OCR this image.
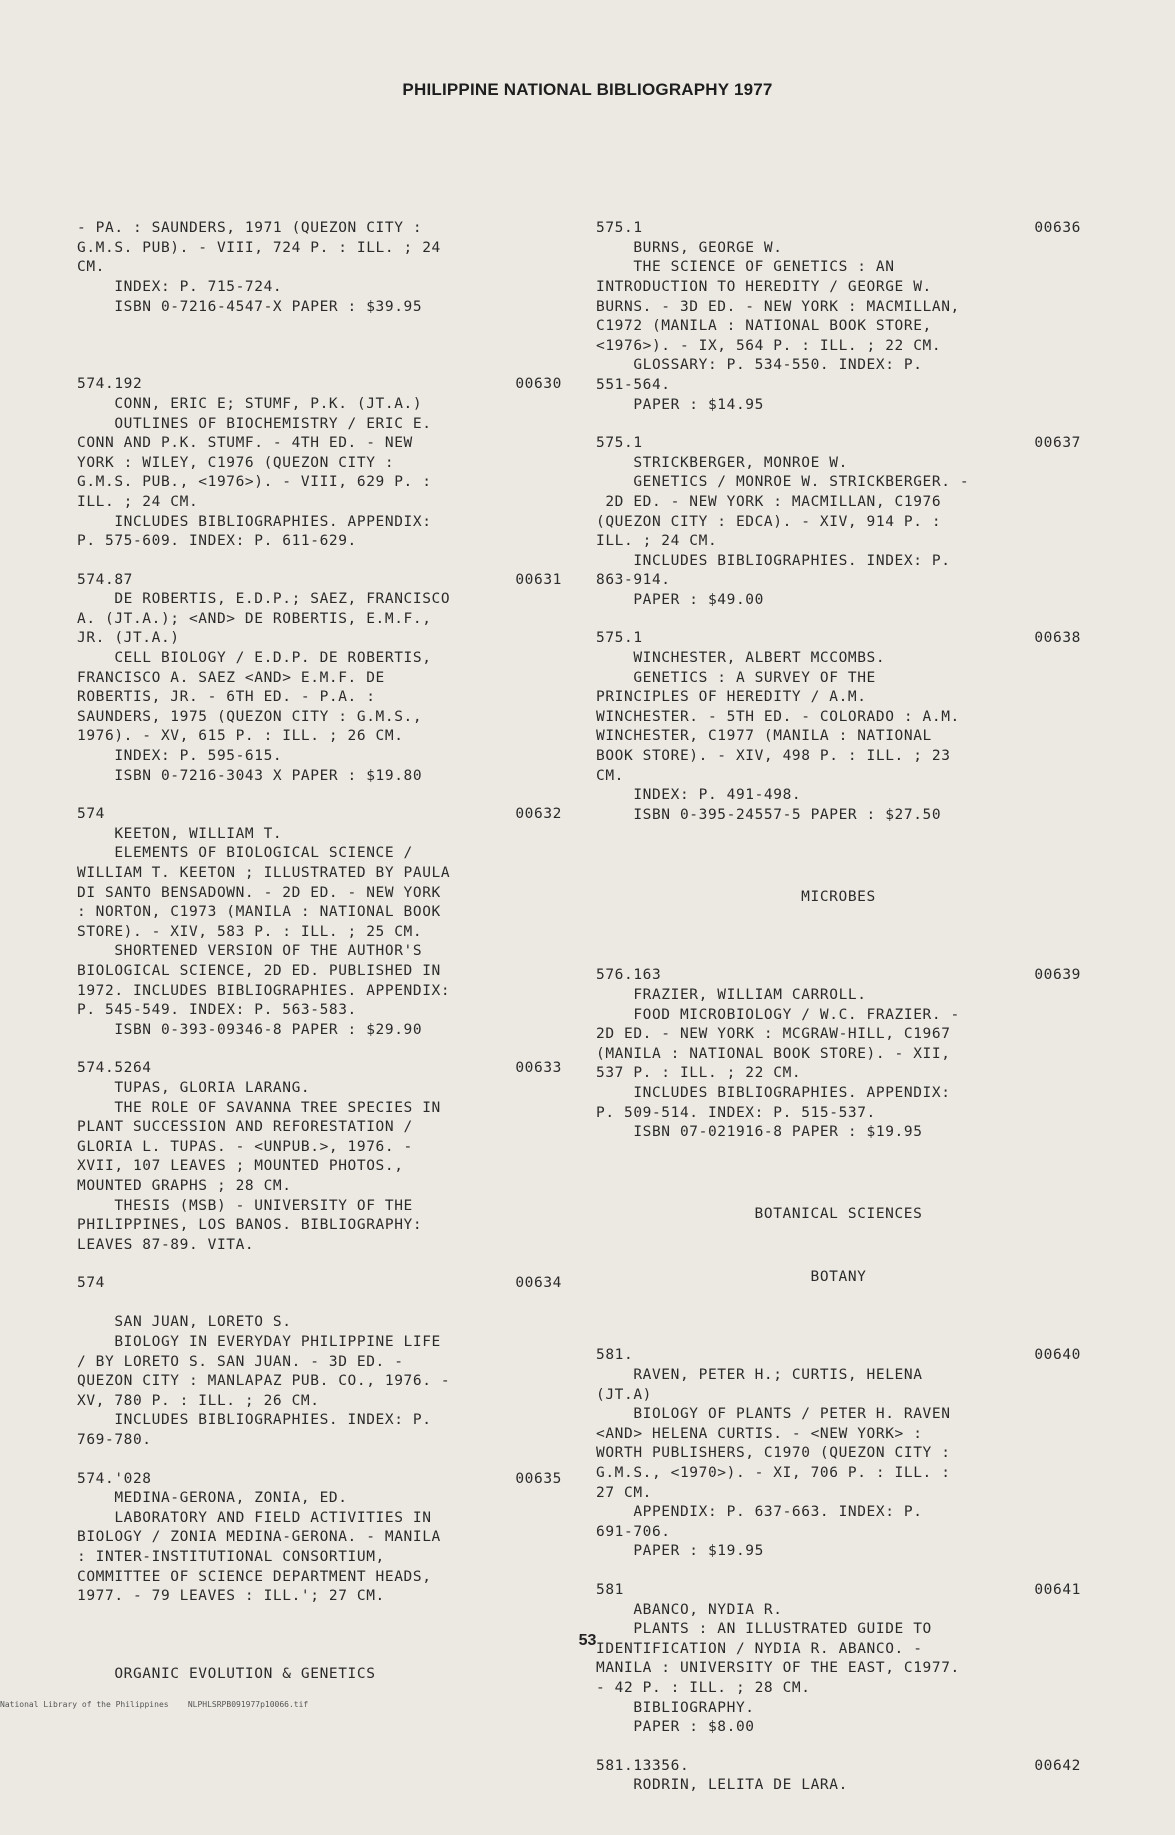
PHILIPPINE NATIONAL BIBLIOGRAPHY 1977

- PA. : SAUNDERS, 1971 (QUEZON CITY :
G.M.S. PUB). - VIII, 724 P. : ILL. ; 24
CM.
INDEX: P. 715-724.
ISBN 0-7216-4547-X PAPER : $39.95

574.192	00630
CONN, ERIC E; STUMF, P.K. (JT.A.)
OUTLINES OF BIOCHEMISTRY / ERIC E.
CONN AND P.K. STUMF. - 4TH ED. - NEW
YORK : WILEY, C1976 (QUEZON CITY :
G.M.S. PUB., <1976>). - VIII, 629 P. :
ILL. ; 24 CM.
INCLUDES BIBLIOGRAPHIES. APPENDIX:
P. 575-609. INDEX: P. 611-629.
574.87	00631
DE ROBERTIS, E.D.P.; SAEZ, FRANCISCO
A. (JT.A.); <AND> DE ROBERTIS, E.M.F.,
JR. (JT.A.)
CELL BIOLOGY / E.D.P. DE ROBERTIS,
FRANCISCO A. SAEZ <AND> E.M.F. DE
ROBERTIS, JR. - 6TH ED. - P.A. :
SAUNDERS, 1975 (QUEZON CITY : G.M.S.,
1976). - XV, 615 P. : ILL. ; 26 CM.
INDEX: P. 595-615.
ISBN 0-7216-3043 X PAPER : $19.80
574	00632
KEETON, WILLIAM T.
ELEMENTS OF BIOLOGICAL SCIENCE /
WILLIAM T. KEETON ; ILLUSTRATED BY PAULA
DI SANTO BENSADOWN. - 2D ED. - NEW YORK
: NORTON, C1973 (MANILA : NATIONAL BOOK
STORE). - XIV, 583 P. : ILL. ; 25 CM.
SHORTENED VERSION OF THE AUTHOR'S
BIOLOGICAL SCIENCE, 2D ED. PUBLISHED IN
1972. INCLUDES BIBLIOGRAPHIES. APPENDIX:
P. 545-549. INDEX: P. 563-583.
ISBN 0-393-09346-8 PAPER : $29.90
574.5264	00633
TUPAS, GLORIA LARANG.
THE ROLE OF SAVANNA TREE SPECIES IN
PLANT SUCCESSION AND REFORESTATION /
GLORIA L. TUPAS. - <UNPUB.>, 1976. -
XVII, 107 LEAVES ; MOUNTED PHOTOS.,
MOUNTED GRAPHS ; 28 CM.
THESIS (MSB) - UNIVERSITY OF THE
PHILIPPINES, LOS BANOS. BIBLIOGRAPHY:
LEAVES 87-89. VITA.
574	00634

SAN JUAN, LORETO S.
BIOLOGY IN EVERYDAY PHILIPPINE LIFE
/ BY LORETO S. SAN JUAN. - 3D ED. -
QUEZON CITY : MANLAPAZ PUB. CO., 1976. -
XV, 780 P. : ILL. ; 26 CM.
INCLUDES BIBLIOGRAPHIES. INDEX: P.
769-780.
574.'028	00635
MEDINA-GERONA, ZONIA, ED.
LABORATORY AND FIELD ACTIVITIES IN
BIOLOGY / ZONIA MEDINA-GERONA. - MANILA
: INTER-INSTITUTIONAL CONSORTIUM,
COMMITTEE OF SCIENCE DEPARTMENT HEADS,
1977. - 79 LEAVES : ILL.'; 27 CM.

ORGANIC EVOLUTION & GENETICS

575.1	00636
BURNS, GEORGE W.
THE SCIENCE OF GENETICS : AN
INTRODUCTION TO HEREDITY / GEORGE W.
BURNS. - 3D ED. - NEW YORK : MACMILLAN,
C1972 (MANILA : NATIONAL BOOK STORE,
<1976>). - IX, 564 P. : ILL. ; 22 CM.
GLOSSARY: P. 534-550. INDEX: P.
551-564.
PAPER : $14.95
575.1	00637
STRICKBERGER, MONROE W.
GENETICS / MONROE W. STRICKBERGER. -
2D ED. - NEW YORK : MACMILLAN, C1976
(QUEZON CITY : EDCA). - XIV, 914 P. :
ILL. ; 24 CM.
INCLUDES BIBLIOGRAPHIES. INDEX: P.
863-914.
PAPER : $49.00
575.1	00638
WINCHESTER, ALBERT MCCOMBS.
GENETICS : A SURVEY OF THE
PRINCIPLES OF HEREDITY / A.M.
WINCHESTER. - 5TH ED. - COLORADO : A.M.
WINCHESTER, C1977 (MANILA : NATIONAL
BOOK STORE). - XIV, 498 P. : ILL. ; 23
CM.
INDEX: P. 491-498.
ISBN 0-395-24557-5 PAPER : $27.50

MICROBES

576.163	00639
FRAZIER, WILLIAM CARROLL.
FOOD MICROBIOLOGY / W.C. FRAZIER. -
2D ED. - NEW YORK : MCGRAW-HILL, C1967
(MANILA : NATIONAL BOOK STORE). - XII,
537 P. : ILL. ; 22 CM.
INCLUDES BIBLIOGRAPHIES. APPENDIX:
P. 509-514. INDEX: P. 515-537.
ISBN 07-021916-8 PAPER : $19.95

BOTANICAL SCIENCES

BOTANY

581.	00640
RAVEN, PETER H.; CURTIS, HELENA
(JT.A)
BIOLOGY OF PLANTS / PETER H. RAVEN
<AND> HELENA CURTIS. - <NEW YORK> :
WORTH PUBLISHERS, C1970 (QUEZON CITY :
G.M.S., <1970>). - XI, 706 P. : ILL. :
27 CM.
APPENDIX: P. 637-663. INDEX: P.
691-706.
PAPER : $19.95
581	00641
ABANCO, NYDIA R.
PLANTS : AN ILLUSTRATED GUIDE TO
IDENTIFICATION / NYDIA R. ABANCO. -
MANILA : UNIVERSITY OF THE EAST, C1977.
- 42 P. : ILL. ; 28 CM.
BIBLIOGRAPHY.
PAPER : $8.00
581.13356.	00642
RODRIN, LELITA DE LARA.

53
National Library of the Philippines    NLPHLSRPB091977p10066.tif
